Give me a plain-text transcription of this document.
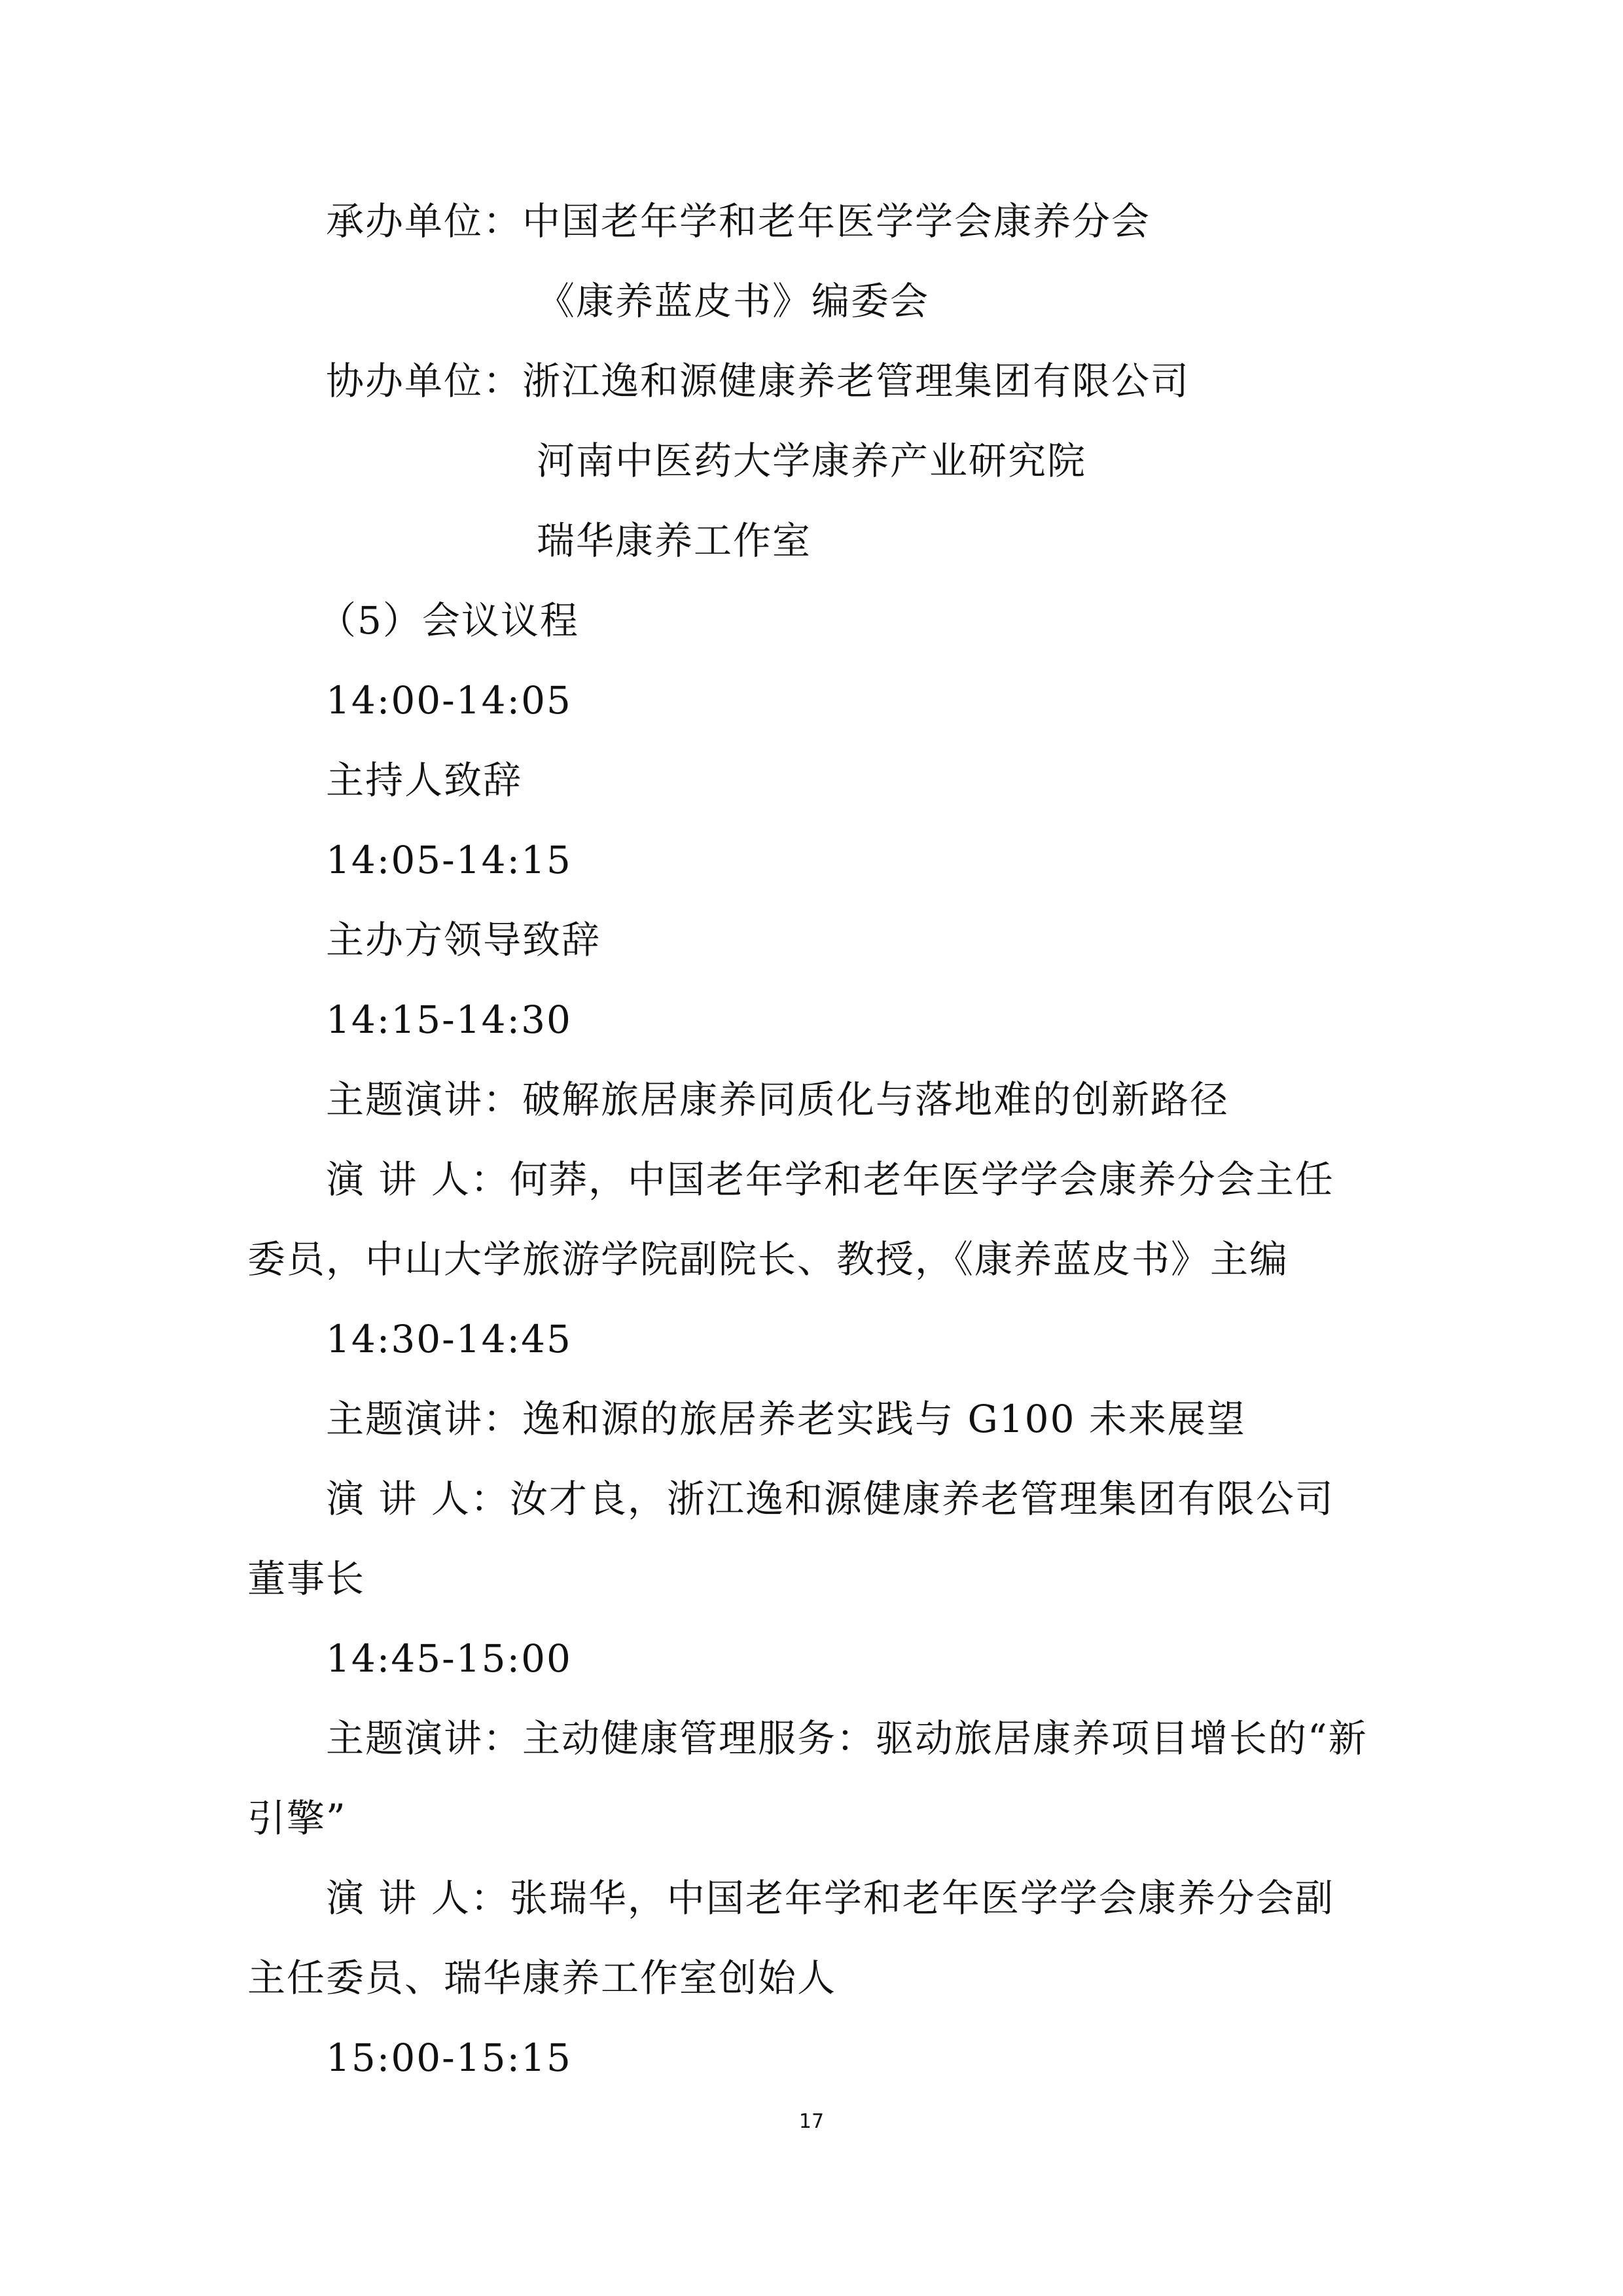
承办单位：中国老年学和老年医学学会康养分会
《康养蓝皮书》编委会
协办单位：浙江逸和源健康养老管理集团有限公司
河南中医药大学康养产业研究院
瑞华康养工作室
（5）会议议程
14:00-14:05
主持人致辞
14:05-14:15
主办方领导致辞
14:15-14:30
主题演讲：破解旅居康养同质化与落地难的创新路径
演 讲 人：何莽，中国老年学和老年医学学会康养分会主任
委员，中山大学旅游学院副院长、教授，《康养蓝皮书》主编
14:30-14:45
主题演讲：逸和源的旅居养老实践与 G100 未来展望
演 讲 人：汝才良，浙江逸和源健康养老管理集团有限公司
董事长
14:45-15:00
主题演讲：主动健康管理服务：驱动旅居康养项目增长的“新
引擎”
演 讲 人：张瑞华，中国老年学和老年医学学会康养分会副
主任委员、瑞华康养工作室创始人
15:00-15:15
17
